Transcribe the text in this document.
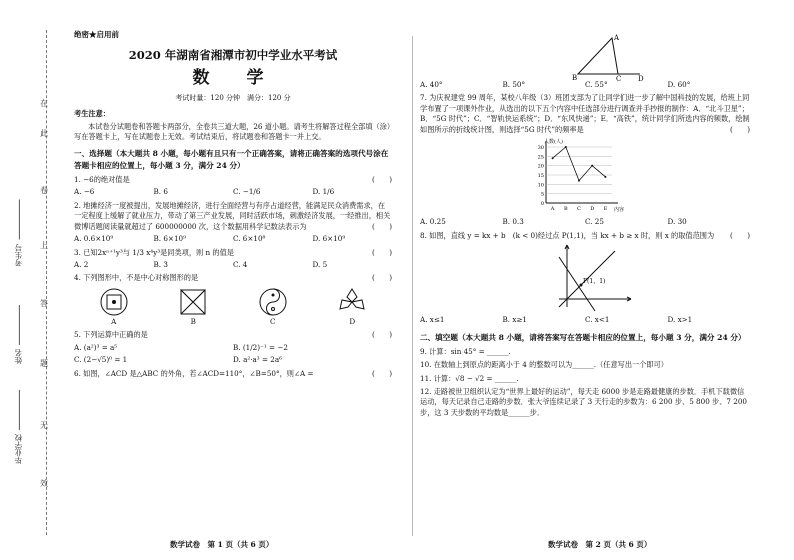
在
此
卷
上
答
题
无
效
考生号
姓名
毕业学校
绝密★启用前
2020 年湖南省湘潭市初中学业水平考试
数　学
考试时量：120 分钟　满分：120 分
考生注意：
本试卷分试题卷和答题卡两部分，全卷共三道大题，26 道小题。请考生将解答过程全部填（涂）写在答题卡上，写在试题卷上无效。考试结束后，将试题卷和答题卡一并上交。
一、选择题（本大题共 8 小题，每小题有且只有一个正确答案，请将正确答案的选项代号涂在答题卡相应的位置上，每小题 3 分，满分 24 分）
(　　)
1. −6的绝对值是
A. −6	B. 6	C. −1/6	D. 1/6
2. 地摊经济一度被提出，发展地摊经济，进行全面经营与有序占道经营，能满足民众消费需求，在一定程度上缓解了就业压力，带动了第三产业发展，同时活跃市场，刺激经济发展，一经推出，相关微博话题阅读量就超过了 600000000 次，这个数据用科学记数法表示为	(　　)
A. 0.6×10⁹	B. 6×10⁹	C. 6×10⁸	D. 6×10⁹
(　　)
3. 已知2xⁿ⁺¹y³与 1/3 x⁴y³是同类项，则 n 的值是
A. 2	B. 3	C. 4	D. 5
(　　)
4. 下列图形中，不是中心对称图形的是
A	B	C	D
(　　)
5. 下列运算中正确的是
A. (a²)³ = a⁵	B. (1/2)⁻¹ = −2
C. (2−√5)⁰ = 1	D. a²·a³ = 2a⁶
(　　)
6. 如图，∠ACD 是△ABC 的外角，若∠ACD=110°，∠B=50°，则∠A =
数学试卷　第 1 页（共 6 页）
A
B	C D
A. 40°	B. 50°	C. 55°	D. 60°
7. 为庆祝建党 99 周年，某校八年级（3）班团支部为了让同学们进一步了解中国科技的发展，给班上同学布置了一项课外作业，从选出的以下五个内容中任选部分进行调查并手抄报的制作：A．“北斗卫星”；B．“5G 时代”；C．“智轨快运系统”；D．“东风快递”；E．“高铁”，统计同学们所选内容的频数，绘制如图所示的折线统计图，则选择“5G 时代”的频率是	(　　)
0
5
10
15
20
25
30
人数(人)
内容
A B C D E
A. 0.25	B. 0.3	C. 25	D. 30
8. 如图，直线 y = kx + b　(k < 0)经过点 P(1,1)，当 kx + b ≥ x 时，则 x 的取值范围为 (　　)
P(1，1)
A. x≤1	B. x≥1	C. x<1	D. x>1
二、填空题（本大题共 8 小题，请将答案写在答题卡相应的位置上，每小题 3 分，满分 24 分）
9. 计算：sin 45° = ______.
10. 在数轴上到原点的距离小于 4 的整数可以为______.（任意写出一个即可）
11. 计算：√8 − √2 = ______.
12. 走路被世卫组织认定为“世界上最好的运动”，每天走 6000 步是走路最健康的步数．手机下载微信运动，每天记录自己走路的步数．张大爷连续记录了 3 天行走的步数为：6 200 步、5 800 步、7 200 步，这 3 天步数的平均数是______步．
数学试卷　第 2 页（共 6 页）
